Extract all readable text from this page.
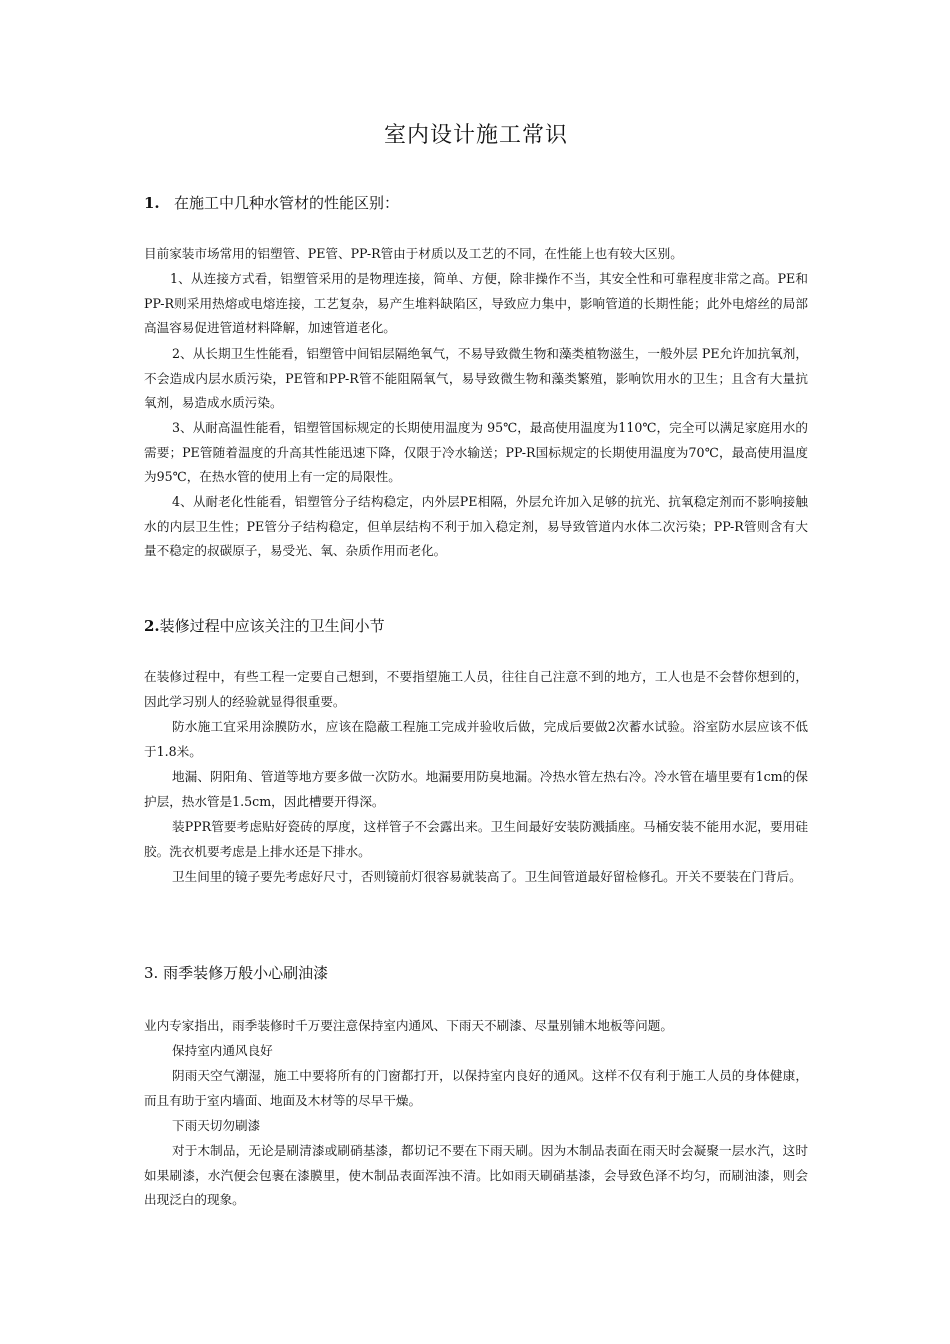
室内设计施工常识
1. 在施工中几种水管材的性能区别：

目前家装市场常用的铝塑管、PE管、PP-R管由于材质以及工艺的不同，在性能上也有较大区别。

1、从连接方式看，铝塑管采用的是物理连接，简单、方便，除非操作不当，其安全性和可靠程度非常之高。PE和PP-R则采用热熔或电熔连接，工艺复杂，易产生堆料缺陷区，导致应力集中，影响管道的长期性能；此外电熔丝的局部高温容易促进管道材料降解，加速管道老化。

2、从长期卫生性能看，铝塑管中间铝层隔绝氧气，不易导致微生物和藻类植物滋生，一般外层 PE允许加抗氧剂，不会造成内层水质污染，PE管和PP-R管不能阻隔氧气，易导致微生物和藻类繁殖，影响饮用水的卫生；且含有大量抗氧剂，易造成水质污染。

3、从耐高温性能看，铝塑管国标规定的长期使用温度为 95℃，最高使用温度为110℃，完全可以满足家庭用水的需要；PE管随着温度的升高其性能迅速下降，仅限于冷水输送；PP-R国标规定的长期使用温度为70℃，最高使用温度为95℃，在热水管的使用上有一定的局限性。

4、从耐老化性能看，铝塑管分子结构稳定，内外层PE相隔，外层允许加入足够的抗光、抗氧稳定剂而不影响接触水的内层卫生性；PE管分子结构稳定，但单层结构不利于加入稳定剂，易导致管道内水体二次污染；PP-R管则含有大量不稳定的叔碳原子，易受光、氧、杂质作用而老化。

2.装修过程中应该关注的卫生间小节

在装修过程中，有些工程一定要自己想到，不要指望施工人员，往往自己注意不到的地方，工人也是不会替你想到的，因此学习别人的经验就显得很重要。

防水施工宜采用涂膜防水，应该在隐蔽工程施工完成并验收后做，完成后要做2次蓄水试验。浴室防水层应该不低于1.8米。

地漏、阴阳角、管道等地方要多做一次防水。地漏要用防臭地漏。冷热水管左热右冷。冷水管在墙里要有1cm的保护层，热水管是1.5cm，因此槽要开得深。

装PPR管要考虑贴好瓷砖的厚度，这样管子不会露出来。卫生间最好安装防溅插座。马桶安装不能用水泥，要用硅胶。洗衣机要考虑是上排水还是下排水。

卫生间里的镜子要先考虑好尺寸，否则镜前灯很容易就装高了。卫生间管道最好留检修孔。开关不要装在门背后。

3. 雨季装修万般小心刷油漆

业内专家指出，雨季装修时千万要注意保持室内通风、下雨天不刷漆、尽量别铺木地板等问题。

保持室内通风良好

阴雨天空气潮湿，施工中要将所有的门窗都打开，以保持室内良好的通风。这样不仅有利于施工人员的身体健康，而且有助于室内墙面、地面及木材等的尽早干燥。

下雨天切勿刷漆

对于木制品，无论是刷清漆或刷硝基漆，都切记不要在下雨天刷。因为木制品表面在雨天时会凝聚一层水汽，这时如果刷漆，水汽便会包裹在漆膜里，使木制品表面浑浊不清。比如雨天刷硝基漆，会导致色泽不均匀，而刷油漆，则会出现泛白的现象。
